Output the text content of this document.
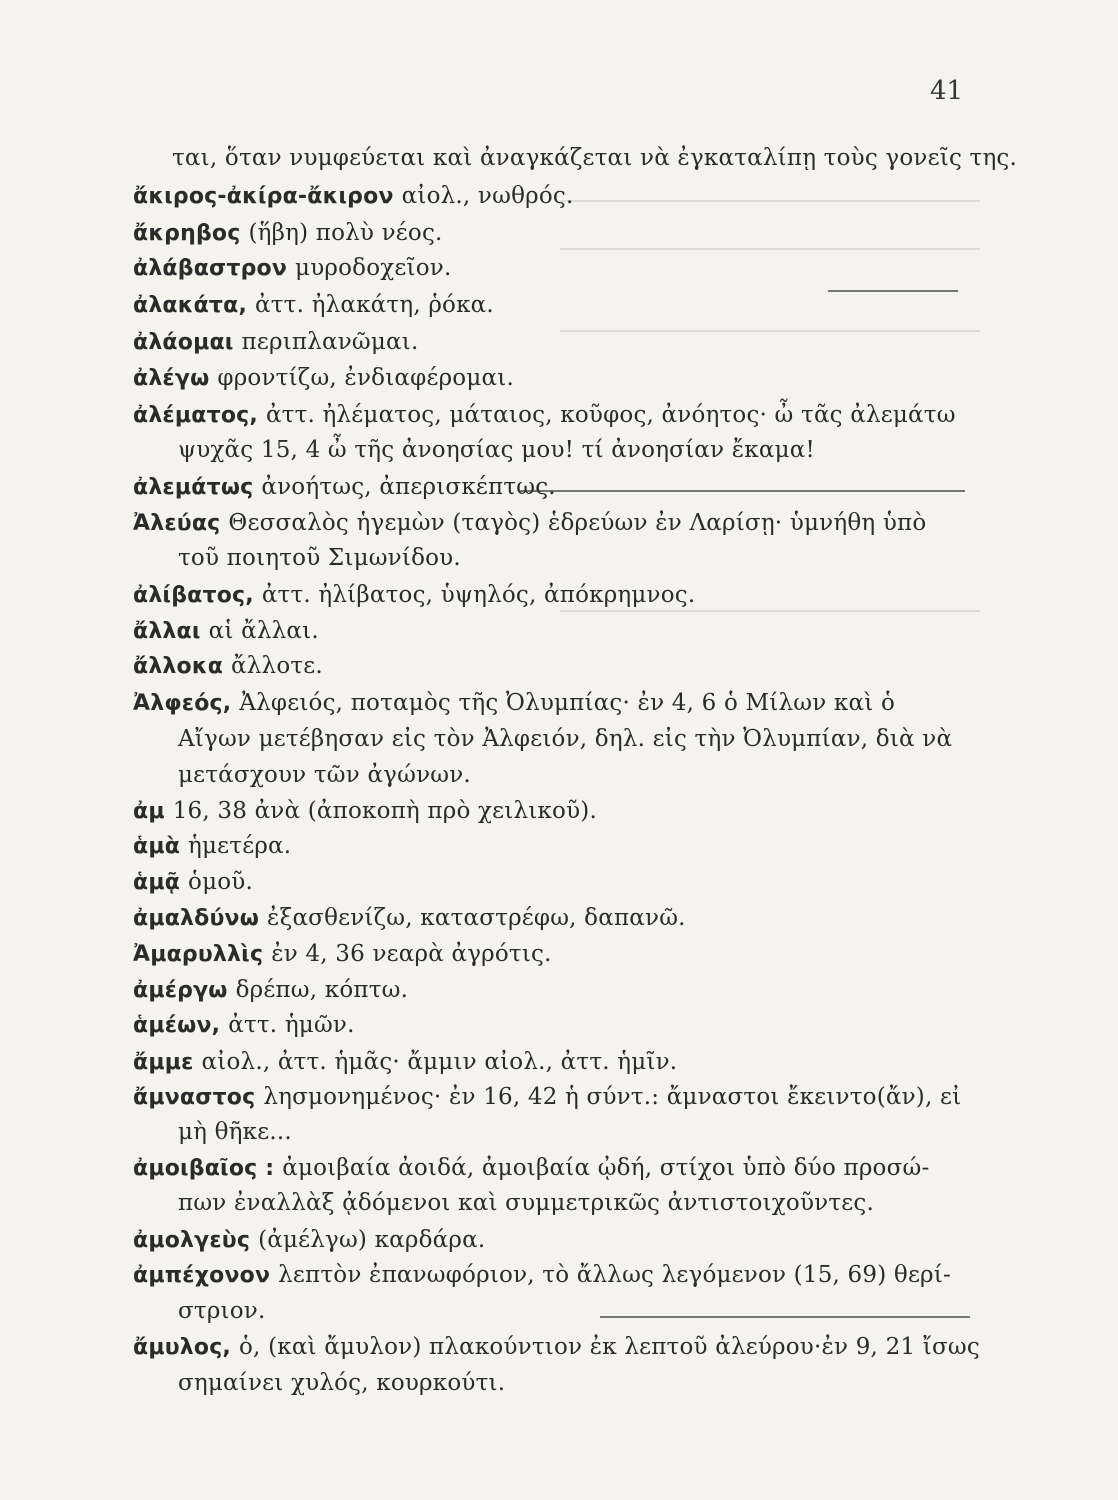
41
ται, ὅταν νυμφεύεται καὶ ἀναγκάζεται νὰ ἐγκαταλίπῃ τοὺς γονεῖς της.
ἄκιρος-ἀκίρα-ἄκιρον αἰολ., νωθρός.
ἄκρηβος (ἥβη) πολὺ νέος.
ἀλάβαστρον μυροδοχεῖον.
ἀλακάτα, ἀττ. ἠλακάτη, ῥόκα.
ἀλάομαι περιπλανῶμαι.
ἀλέγω φροντίζω, ἐνδιαφέρομαι.
ἀλέματος, ἀττ. ἠλέματος, μάταιος, κοῦφος, ἀνόητος· ὦ τᾶς ἀλεμάτω
ψυχᾶς 15, 4 ὦ τῆς ἀνοησίας μου! τί ἀνοησίαν ἔκαμα!
ἀλεμάτως ἀνοήτως, ἀπερισκέπτως.
Ἀλεύας Θεσσαλὸς ἡγεμὼν (ταγὸς) ἑδρεύων ἐν Λαρίσῃ· ὑμνήθη ὑπὸ
τοῦ ποιητοῦ Σιμωνίδου.
ἀλίβατος, ἀττ. ἠλίβατος, ὑψηλός, ἀπόκρημνος.
ἄλλαι αἱ ἄλλαι.
ἄλλοκα ἄλλοτε.
Ἀλφεός, Ἀλφειός, ποταμὸς τῆς Ὀλυμπίας· ἐν 4, 6 ὁ Μίλων καὶ ὁ
Αἴγων μετέβησαν εἰς τὸν Ἀλφειόν, δηλ. εἰς τὴν Ὀλυμπίαν, διὰ νὰ
μετάσχουν τῶν ἀγώνων.
ἀμ 16, 38 ἀνὰ (ἀποκοπὴ πρὸ χειλικοῦ).
ἁμὰ ἡμετέρα.
ἁμᾷ ὁμοῦ.
ἀμαλδύνω ἐξασθενίζω, καταστρέφω, δαπανῶ.
Ἀμαρυλλὶς ἐν 4, 36 νεαρὰ ἀγρότις.
ἀμέργω δρέπω, κόπτω.
ἁμέων, ἀττ. ἡμῶν.
ἄμμε αἰολ., ἀττ. ἡμᾶς· ἄμμιν αἰολ., ἀττ. ἡμῖν.
ἄμναστος λησμονημένος· ἐν 16, 42 ἡ σύντ.: ἄμναστοι ἔκειντο(ἄν), εἰ
μὴ θῆκε...
ἀμοιβαῖος : ἀμοιβαία ἀοιδά, ἀμοιβαία ᾠδή, στίχοι ὑπὸ δύο προσώ-
πων ἐναλλὰξ ᾀδόμενοι καὶ συμμετρικῶς ἀντιστοιχοῦντες.
ἀμολγεὺς (ἀμέλγω) καρδάρα.
ἀμπέχονον λεπτὸν ἐπανωφόριον, τὸ ἄλλως λεγόμενον (15, 69) θερί-
στριον.
ἄμυλος, ὁ, (καὶ ἄμυλον) πλακούντιον ἐκ λεπτοῦ ἀλεύρου·ἐν 9, 21 ἴσως
σημαίνει χυλός, κουρκούτι.
